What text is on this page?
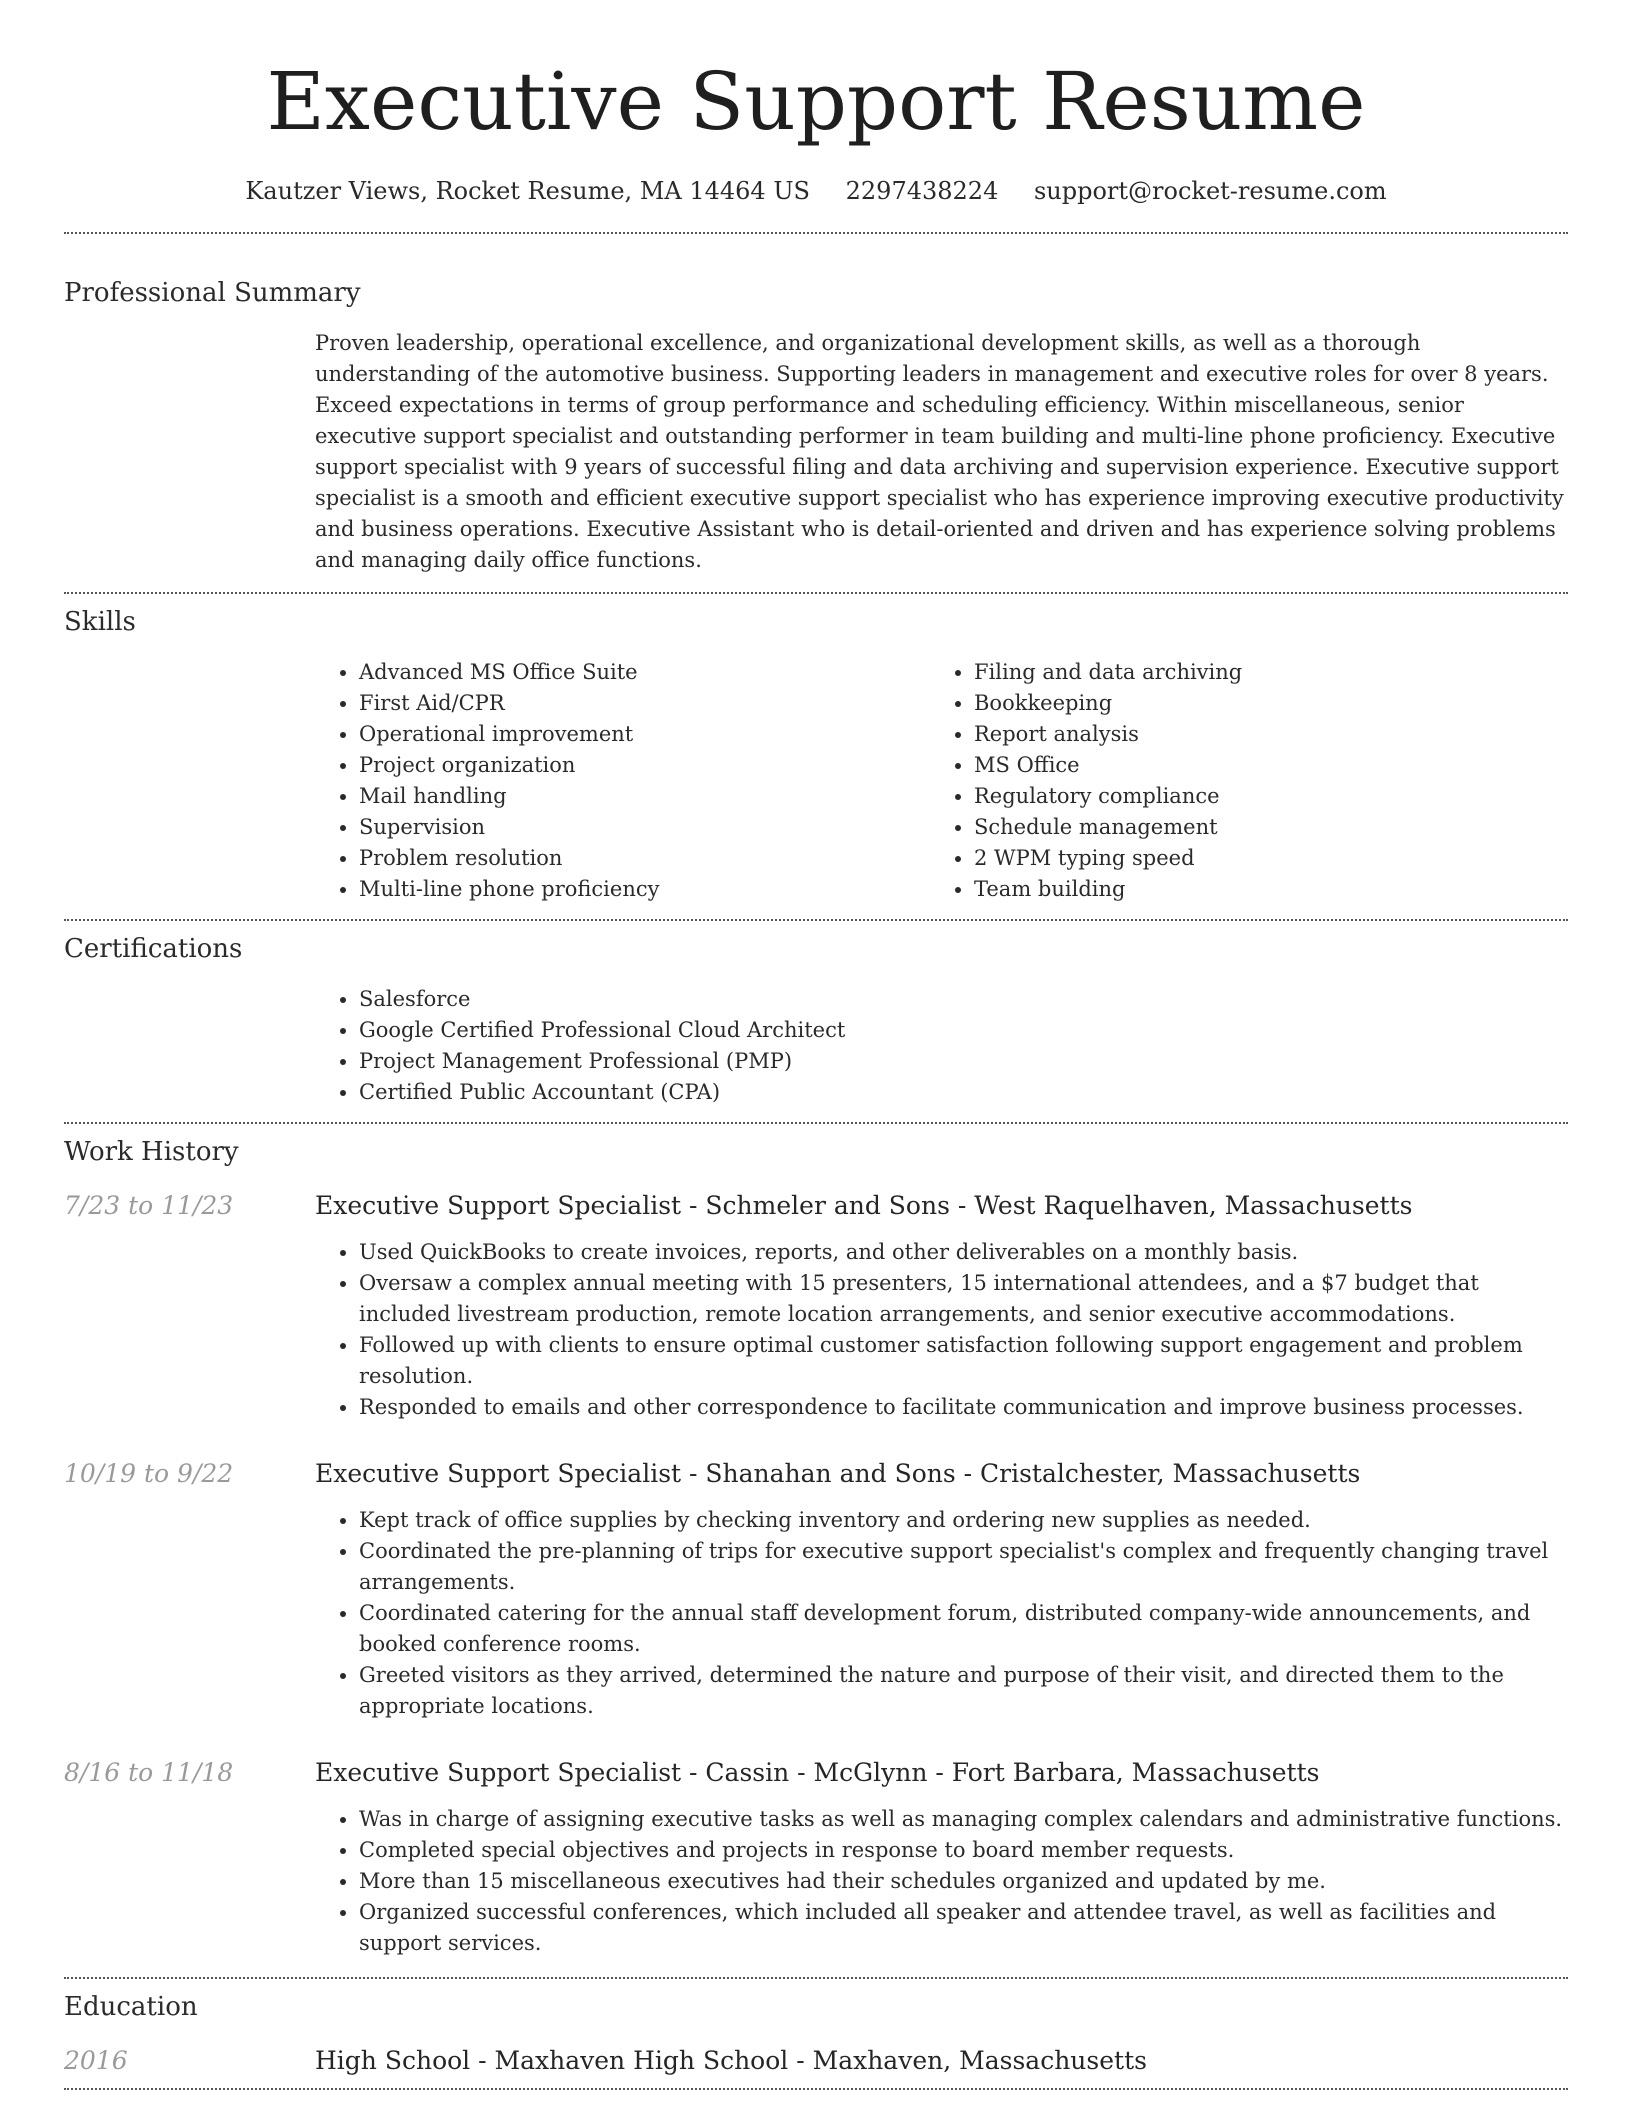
Executive Support Resume
Kautzer Views, Rocket Resume, MA 14464 US 2297438224 support@rocket-resume.com
Professional Summary
Proven leadership, operational excellence, and organizational development skills, as well as a thorough understanding of the automotive business. Supporting leaders in management and executive roles for over 8 years. Exceed expectations in terms of group performance and scheduling efficiency. Within miscellaneous, senior executive support specialist and outstanding performer in team building and multi-line phone proficiency. Executive support specialist with 9 years of successful filing and data archiving and supervision experience. Executive support specialist is a smooth and efficient executive support specialist who has experience improving executive productivity and business operations. Executive Assistant who is detail-oriented and driven and has experience solving problems and managing daily office functions.
Skills
• Advanced MS Office Suite
• First Aid/CPR
• Operational improvement
• Project organization
• Mail handling
• Supervision
• Problem resolution
• Multi-line phone proficiency
• Filing and data archiving
• Bookkeeping
• Report analysis
• MS Office
• Regulatory compliance
• Schedule management
• 2 WPM typing speed
• Team building
Certifications
• Salesforce
• Google Certified Professional Cloud Architect
• Project Management Professional (PMP)
• Certified Public Accountant (CPA)
Work History
7/23 to 11/23	Executive Support Specialist - Schmeler and Sons - West Raquelhaven, Massachusetts
• Used QuickBooks to create invoices, reports, and other deliverables on a monthly basis.
• Oversaw a complex annual meeting with 15 presenters, 15 international attendees, and a $7 budget that included livestream production, remote location arrangements, and senior executive accommodations.
• Followed up with clients to ensure optimal customer satisfaction following support engagement and problem resolution.
• Responded to emails and other correspondence to facilitate communication and improve business processes.
10/19 to 9/22	Executive Support Specialist - Shanahan and Sons - Cristalchester, Massachusetts
• Kept track of office supplies by checking inventory and ordering new supplies as needed.
• Coordinated the pre-planning of trips for executive support specialist's complex and frequently changing travel arrangements.
• Coordinated catering for the annual staff development forum, distributed company-wide announcements, and booked conference rooms.
• Greeted visitors as they arrived, determined the nature and purpose of their visit, and directed them to the appropriate locations.
8/16 to 11/18	Executive Support Specialist - Cassin - McGlynn - Fort Barbara, Massachusetts
• Was in charge of assigning executive tasks as well as managing complex calendars and administrative functions.
• Completed special objectives and projects in response to board member requests.
• More than 15 miscellaneous executives had their schedules organized and updated by me.
• Organized successful conferences, which included all speaker and attendee travel, as well as facilities and support services.
Education
2016	High School - Maxhaven High School - Maxhaven, Massachusetts
